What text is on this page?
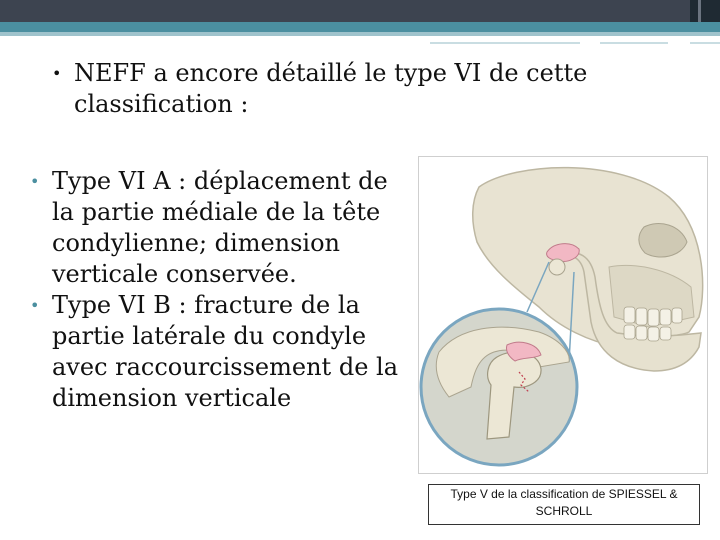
• NEFF a encore détaillé le type VI de cette classification :
• Type VI A : déplacement de la partie médiale de la tête condylienne; dimension verticale conservée.
• Type VI B : fracture de la partie latérale du condyle avec raccourcissement de la dimension verticale
Type V de la classification de SPIESSEL & SCHROLL
